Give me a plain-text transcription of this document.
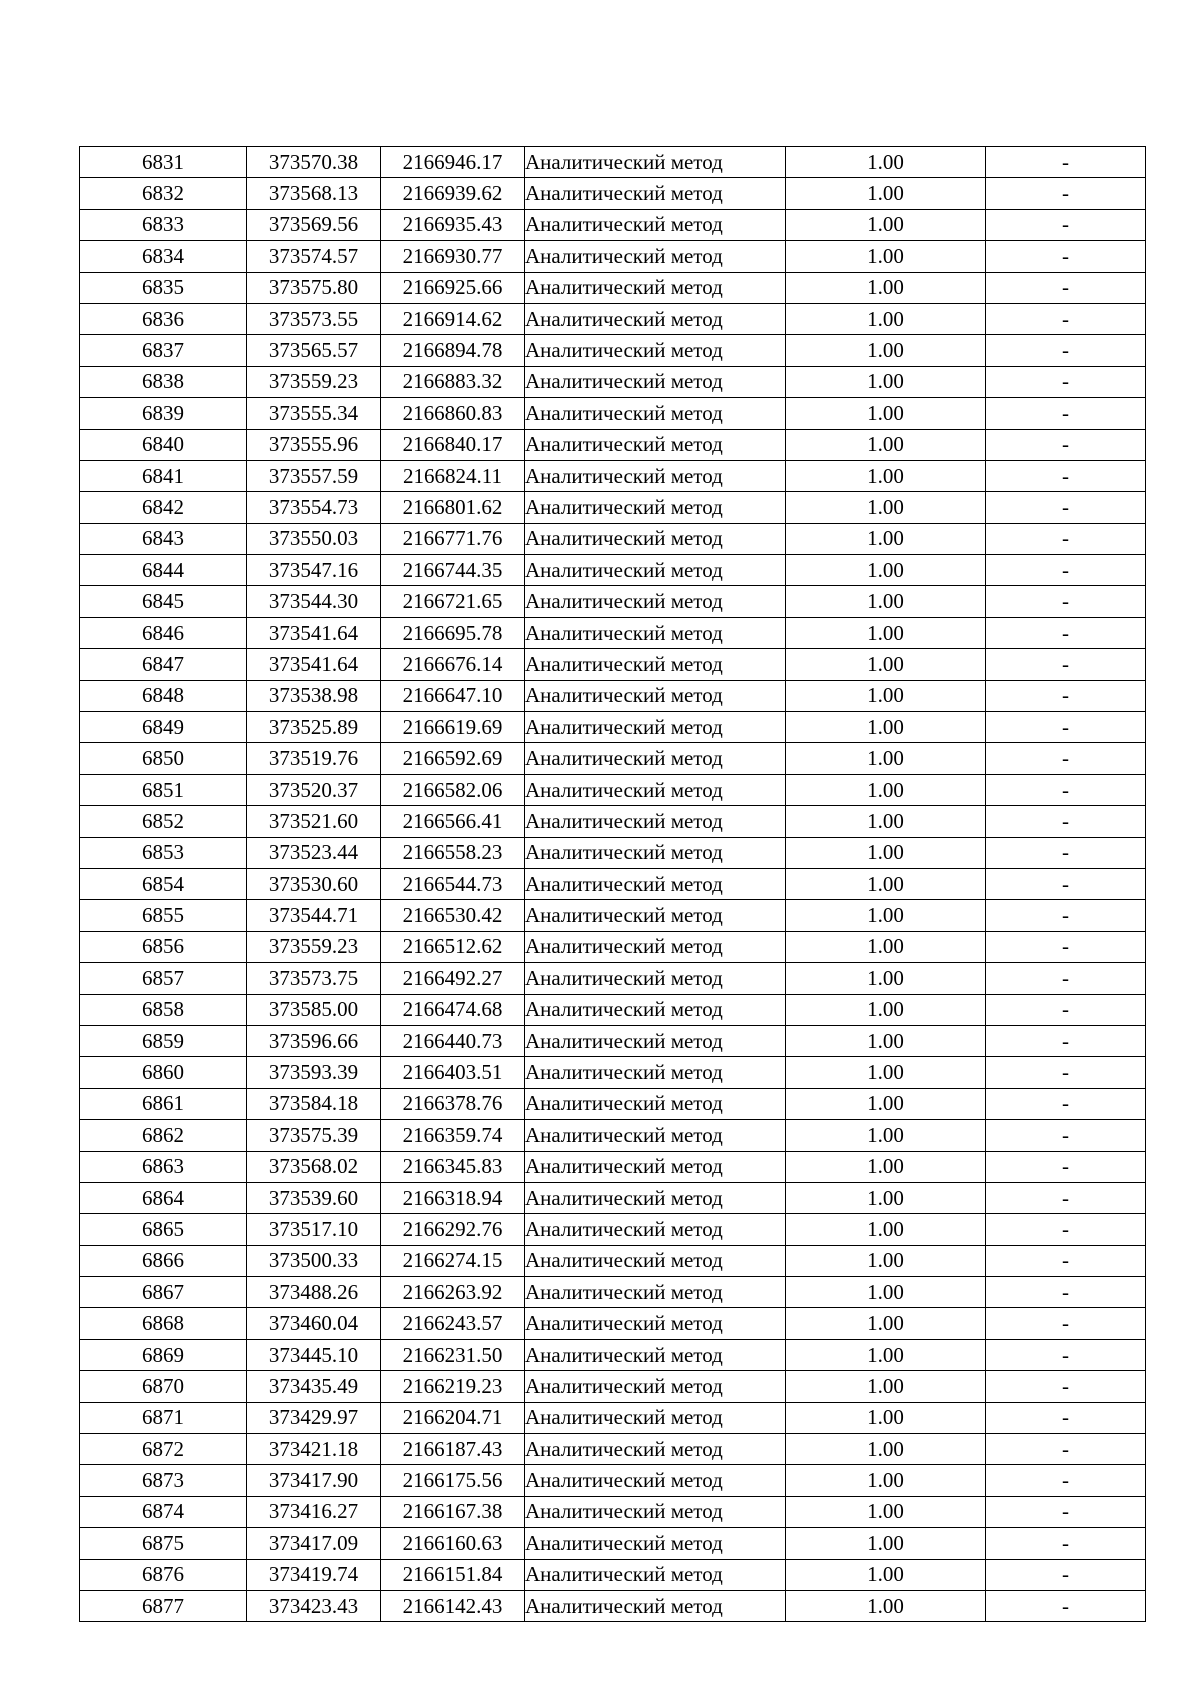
6831	373570.38	2166946.17	Аналитический метод	1.00	-
6832	373568.13	2166939.62	Аналитический метод	1.00	-
6833	373569.56	2166935.43	Аналитический метод	1.00	-
6834	373574.57	2166930.77	Аналитический метод	1.00	-
6835	373575.80	2166925.66	Аналитический метод	1.00	-
6836	373573.55	2166914.62	Аналитический метод	1.00	-
6837	373565.57	2166894.78	Аналитический метод	1.00	-
6838	373559.23	2166883.32	Аналитический метод	1.00	-
6839	373555.34	2166860.83	Аналитический метод	1.00	-
6840	373555.96	2166840.17	Аналитический метод	1.00	-
6841	373557.59	2166824.11	Аналитический метод	1.00	-
6842	373554.73	2166801.62	Аналитический метод	1.00	-
6843	373550.03	2166771.76	Аналитический метод	1.00	-
6844	373547.16	2166744.35	Аналитический метод	1.00	-
6845	373544.30	2166721.65	Аналитический метод	1.00	-
6846	373541.64	2166695.78	Аналитический метод	1.00	-
6847	373541.64	2166676.14	Аналитический метод	1.00	-
6848	373538.98	2166647.10	Аналитический метод	1.00	-
6849	373525.89	2166619.69	Аналитический метод	1.00	-
6850	373519.76	2166592.69	Аналитический метод	1.00	-
6851	373520.37	2166582.06	Аналитический метод	1.00	-
6852	373521.60	2166566.41	Аналитический метод	1.00	-
6853	373523.44	2166558.23	Аналитический метод	1.00	-
6854	373530.60	2166544.73	Аналитический метод	1.00	-
6855	373544.71	2166530.42	Аналитический метод	1.00	-
6856	373559.23	2166512.62	Аналитический метод	1.00	-
6857	373573.75	2166492.27	Аналитический метод	1.00	-
6858	373585.00	2166474.68	Аналитический метод	1.00	-
6859	373596.66	2166440.73	Аналитический метод	1.00	-
6860	373593.39	2166403.51	Аналитический метод	1.00	-
6861	373584.18	2166378.76	Аналитический метод	1.00	-
6862	373575.39	2166359.74	Аналитический метод	1.00	-
6863	373568.02	2166345.83	Аналитический метод	1.00	-
6864	373539.60	2166318.94	Аналитический метод	1.00	-
6865	373517.10	2166292.76	Аналитический метод	1.00	-
6866	373500.33	2166274.15	Аналитический метод	1.00	-
6867	373488.26	2166263.92	Аналитический метод	1.00	-
6868	373460.04	2166243.57	Аналитический метод	1.00	-
6869	373445.10	2166231.50	Аналитический метод	1.00	-
6870	373435.49	2166219.23	Аналитический метод	1.00	-
6871	373429.97	2166204.71	Аналитический метод	1.00	-
6872	373421.18	2166187.43	Аналитический метод	1.00	-
6873	373417.90	2166175.56	Аналитический метод	1.00	-
6874	373416.27	2166167.38	Аналитический метод	1.00	-
6875	373417.09	2166160.63	Аналитический метод	1.00	-
6876	373419.74	2166151.84	Аналитический метод	1.00	-
6877	373423.43	2166142.43	Аналитический метод	1.00	-
